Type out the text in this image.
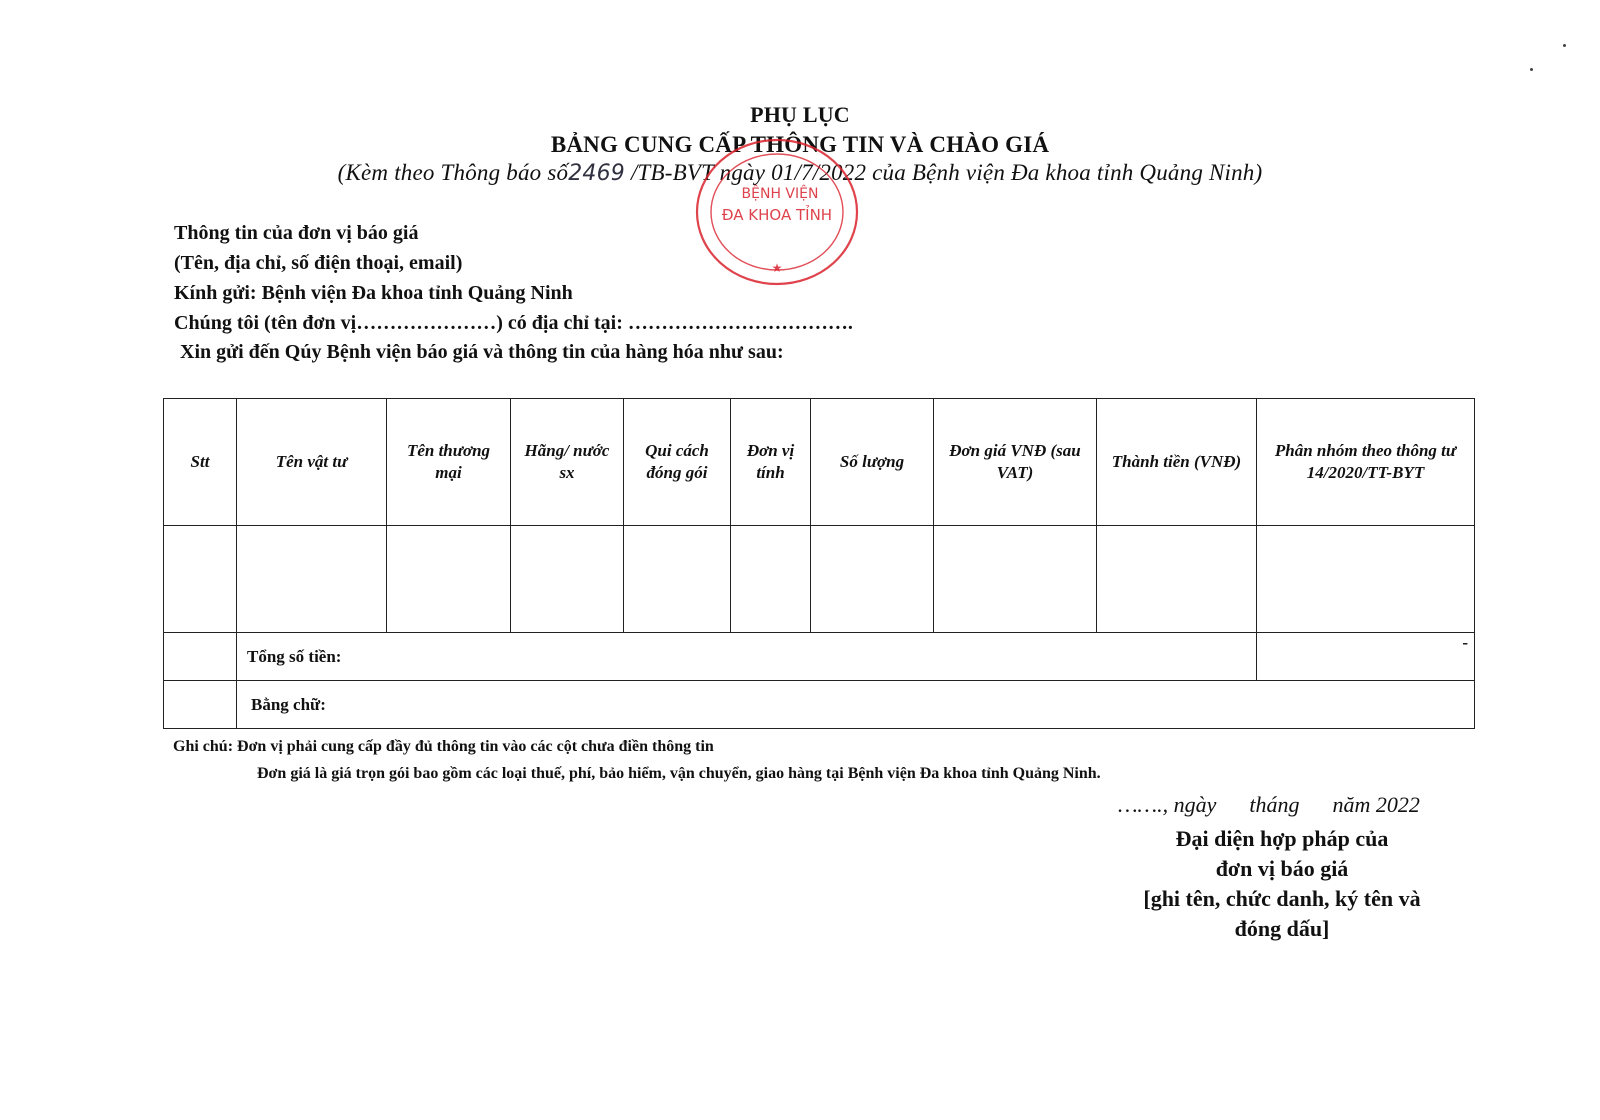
PHỤ LỤC
BẢNG CUNG CẤP THÔNG TIN VÀ CHÀO GIÁ
(Kèm theo Thông báo số2469 /TB-BVT ngày 01/7/2022 của Bệnh viện Đa khoa tỉnh Quảng Ninh)
BỆNH VIỆN
ĐA KHOA TỈNH
★
Thông tin của đơn vị báo giá
(Tên, địa chỉ, số điện thoại, email)
Kính gửi: Bệnh viện Đa khoa tỉnh Quảng Ninh
Chúng tôi (tên đơn vị…………………) có địa chỉ tại: …………………………….
Xin gửi đến Qúy Bệnh viện báo giá và thông tin của hàng hóa như sau:
Stt	Tên vật tư	Tên thương mại	Hãng/ nước sx	Qui cách đóng gói	Đơn vị tính	Số lượng	Đơn giá VNĐ (sau VAT)	Thành tiền (VNĐ)	Phân nhóm theo thông tư 14/2020/TT-BYT

	Tổng số tiền:								-
	Bằng chữ:								
Ghi chú: Đơn vị phải cung cấp đầy đủ thông tin vào các cột chưa điền thông tin
Đơn giá là giá trọn gói bao gồm các loại thuế, phí, bảo hiểm, vận chuyển, giao hàng tại Bệnh viện Đa khoa tỉnh Quảng Ninh.
……., ngày      tháng      năm 2022
Đại diện hợp pháp của
đơn vị báo giá
[ghi tên, chức danh, ký tên và
đóng dấu]
